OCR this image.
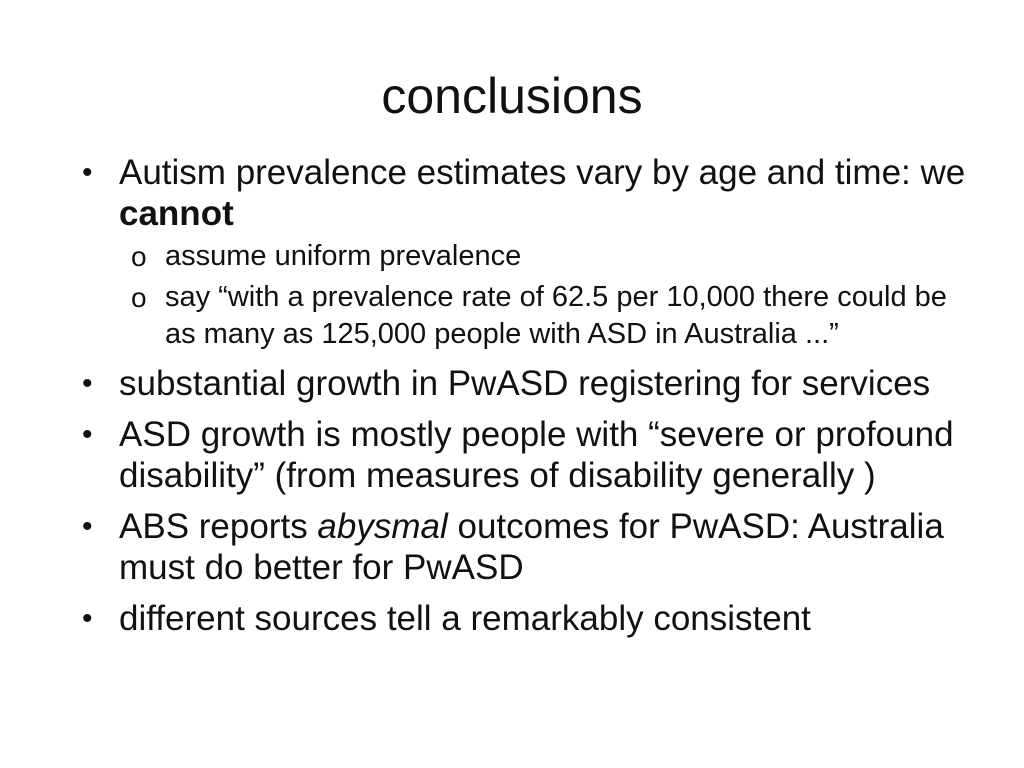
conclusions
• Autism prevalence estimates vary by age and time: we cannot
o assume uniform prevalence
o say “with a prevalence rate of 62.5 per 10,000 there could be as many as 125,000 people with ASD in Australia ...”
• substantial growth in PwASD registering for services
• ASD growth is mostly people with “severe or profound disability” (from measures of disability generally )
• ABS reports abysmal outcomes for PwASD: Australia must do better for PwASD
• different sources tell a remarkably consistent
